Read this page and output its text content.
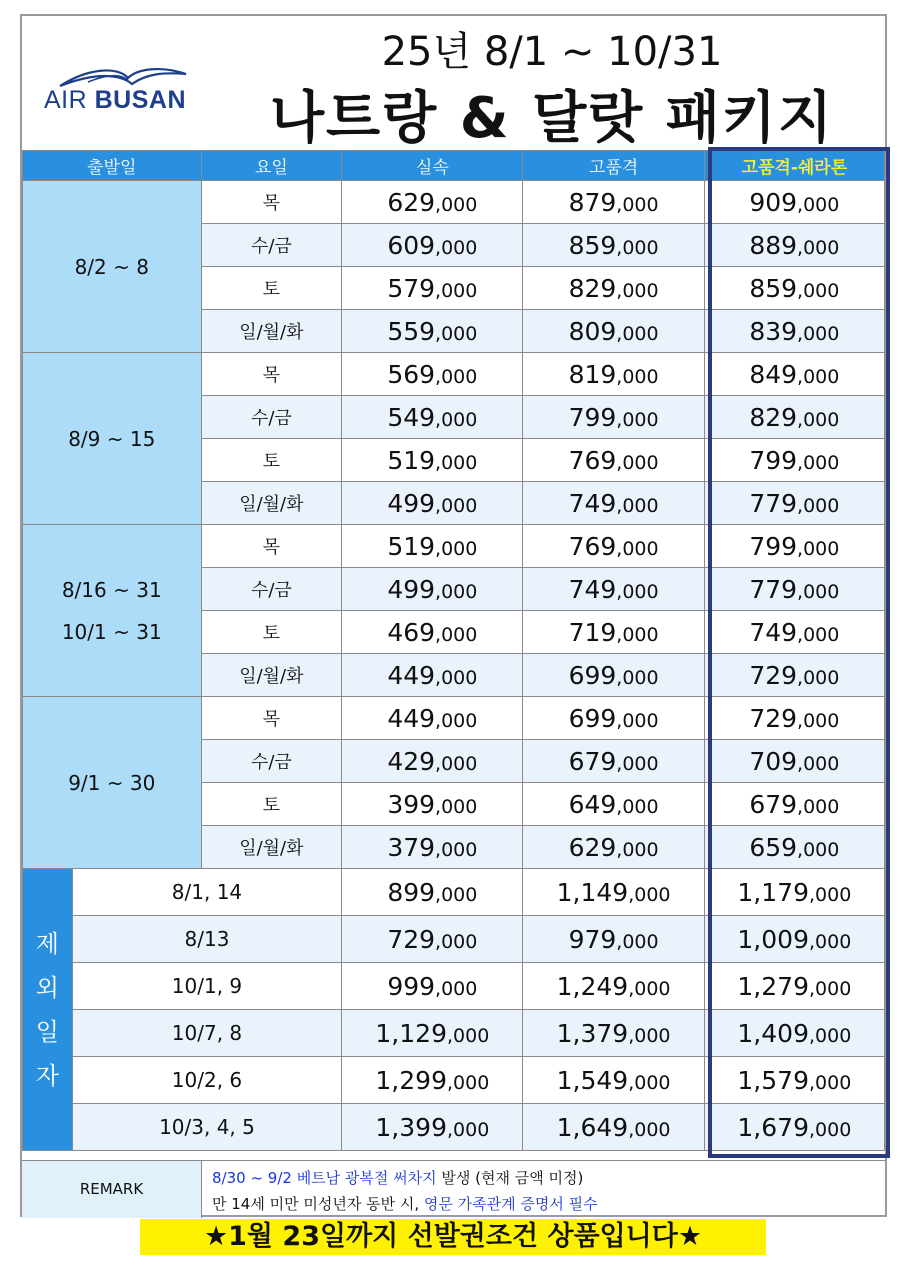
AIR BUSAN
25년 8/1 ~ 10/31
나트랑 & 달랏 패키지
출발일		요일	실속	고품격	고품격-쉐라톤
8/2 ~ 8		목	629,000	879,000	909,000
		수/금	609,000	859,000	889,000
		토	579,000	829,000	859,000
		일/월/화	559,000	809,000	839,000
8/9 ~ 15		목	569,000	819,000	849,000
		수/금	549,000	799,000	829,000
		토	519,000	769,000	799,000
		일/월/화	499,000	749,000	779,000
8/16 ~ 31
10/1 ~ 31		목	519,000	769,000	799,000
		수/금	499,000	749,000	779,000
		토	469,000	719,000	749,000
		일/월/화	449,000	699,000	729,000
9/1 ~ 30		목	449,000	699,000	729,000
		수/금	429,000	679,000	709,000
		토	399,000	649,000	679,000
		일/월/화	379,000	629,000	659,000
제
외
일
자	8/1, 14		899,000	1,149,000	1,179,000
	8/13		729,000	979,000	1,009,000
	10/1, 9		999,000	1,249,000	1,279,000
	10/7, 8		1,129,000	1,379,000	1,409,000
	10/2, 6		1,299,000	1,549,000	1,579,000
	10/3, 4, 5		1,399,000	1,649,000	1,679,000
REMARK
8/30 ~ 9/2 베트남 광복절 써차지 발생 (현재 금액 미정)
만 14세 미만 미성년자 동반 시, 영문 가족관계 증명서 필수
★1월 23일까지 선발권조건 상품입니다★
